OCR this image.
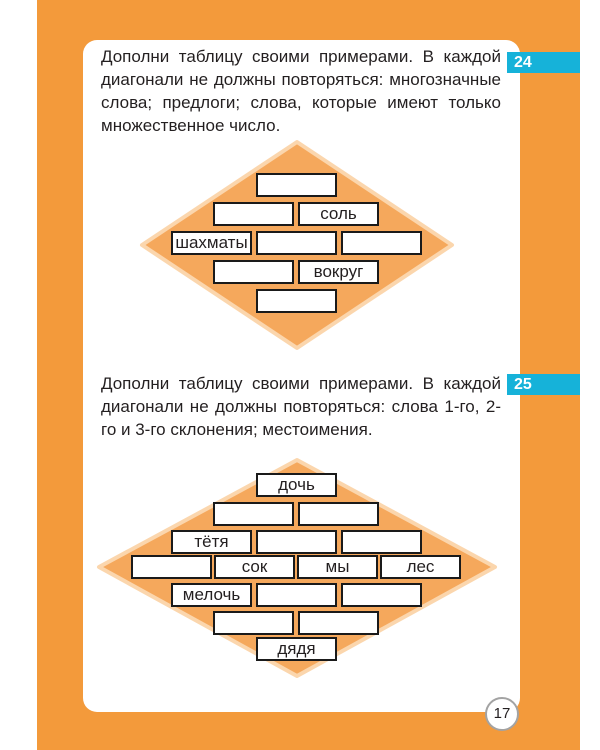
24

Дополни таблицу своими примерами. В каждой диагонали не должны повторяться: многозначные слова; предлоги; слова, которые имеют только множественное число.

25

Дополни таблицу своими примерами. В каждой диагонали не должны повторяться: слова 1-го, 2-го и 3-го склонения; местоимения.

соль
шахматы
вокруг
дочь
тётя
сок	мы	лес
мелочь
дядя
17
